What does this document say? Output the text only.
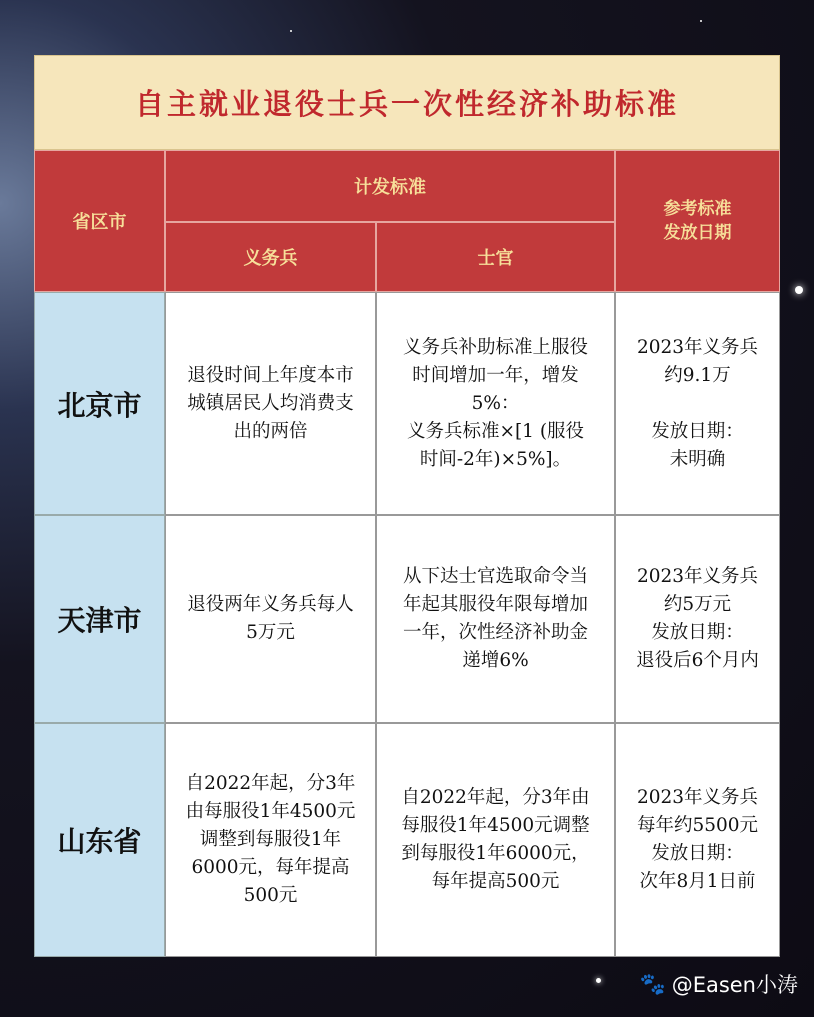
自主就业退役士兵一次性经济补助标准
省区市
计发标准
义务兵	士官
参考标准
发放日期
北京市
退役时间上年度本市
城镇居民人均消费支
出的两倍
义务兵补助标准上服役
时间增加一年，增发
5%：
义务兵标准×[1 (服役
时间-2年)×5%]。
2023年义务兵
约9.1万
发放日期：
未明确
天津市	退役两年义务兵每人
5万元
从下达士官选取命令当
年起其服役年限每增加
一年，次性经济补助金
递增6%
2023年义务兵
约5万元
发放日期：
退役后6个月内
山东省
自2022年起，分3年
由每服役1年4500元
调整到每服役1年
6000元，每年提高
500元
自2022年起，分3年由
每服役1年4500元调整
到每服役1年6000元，
每年提高500元
2023年义务兵
每年约5500元
发放日期：
次年8月1日前
🐾 @Easen小涛
